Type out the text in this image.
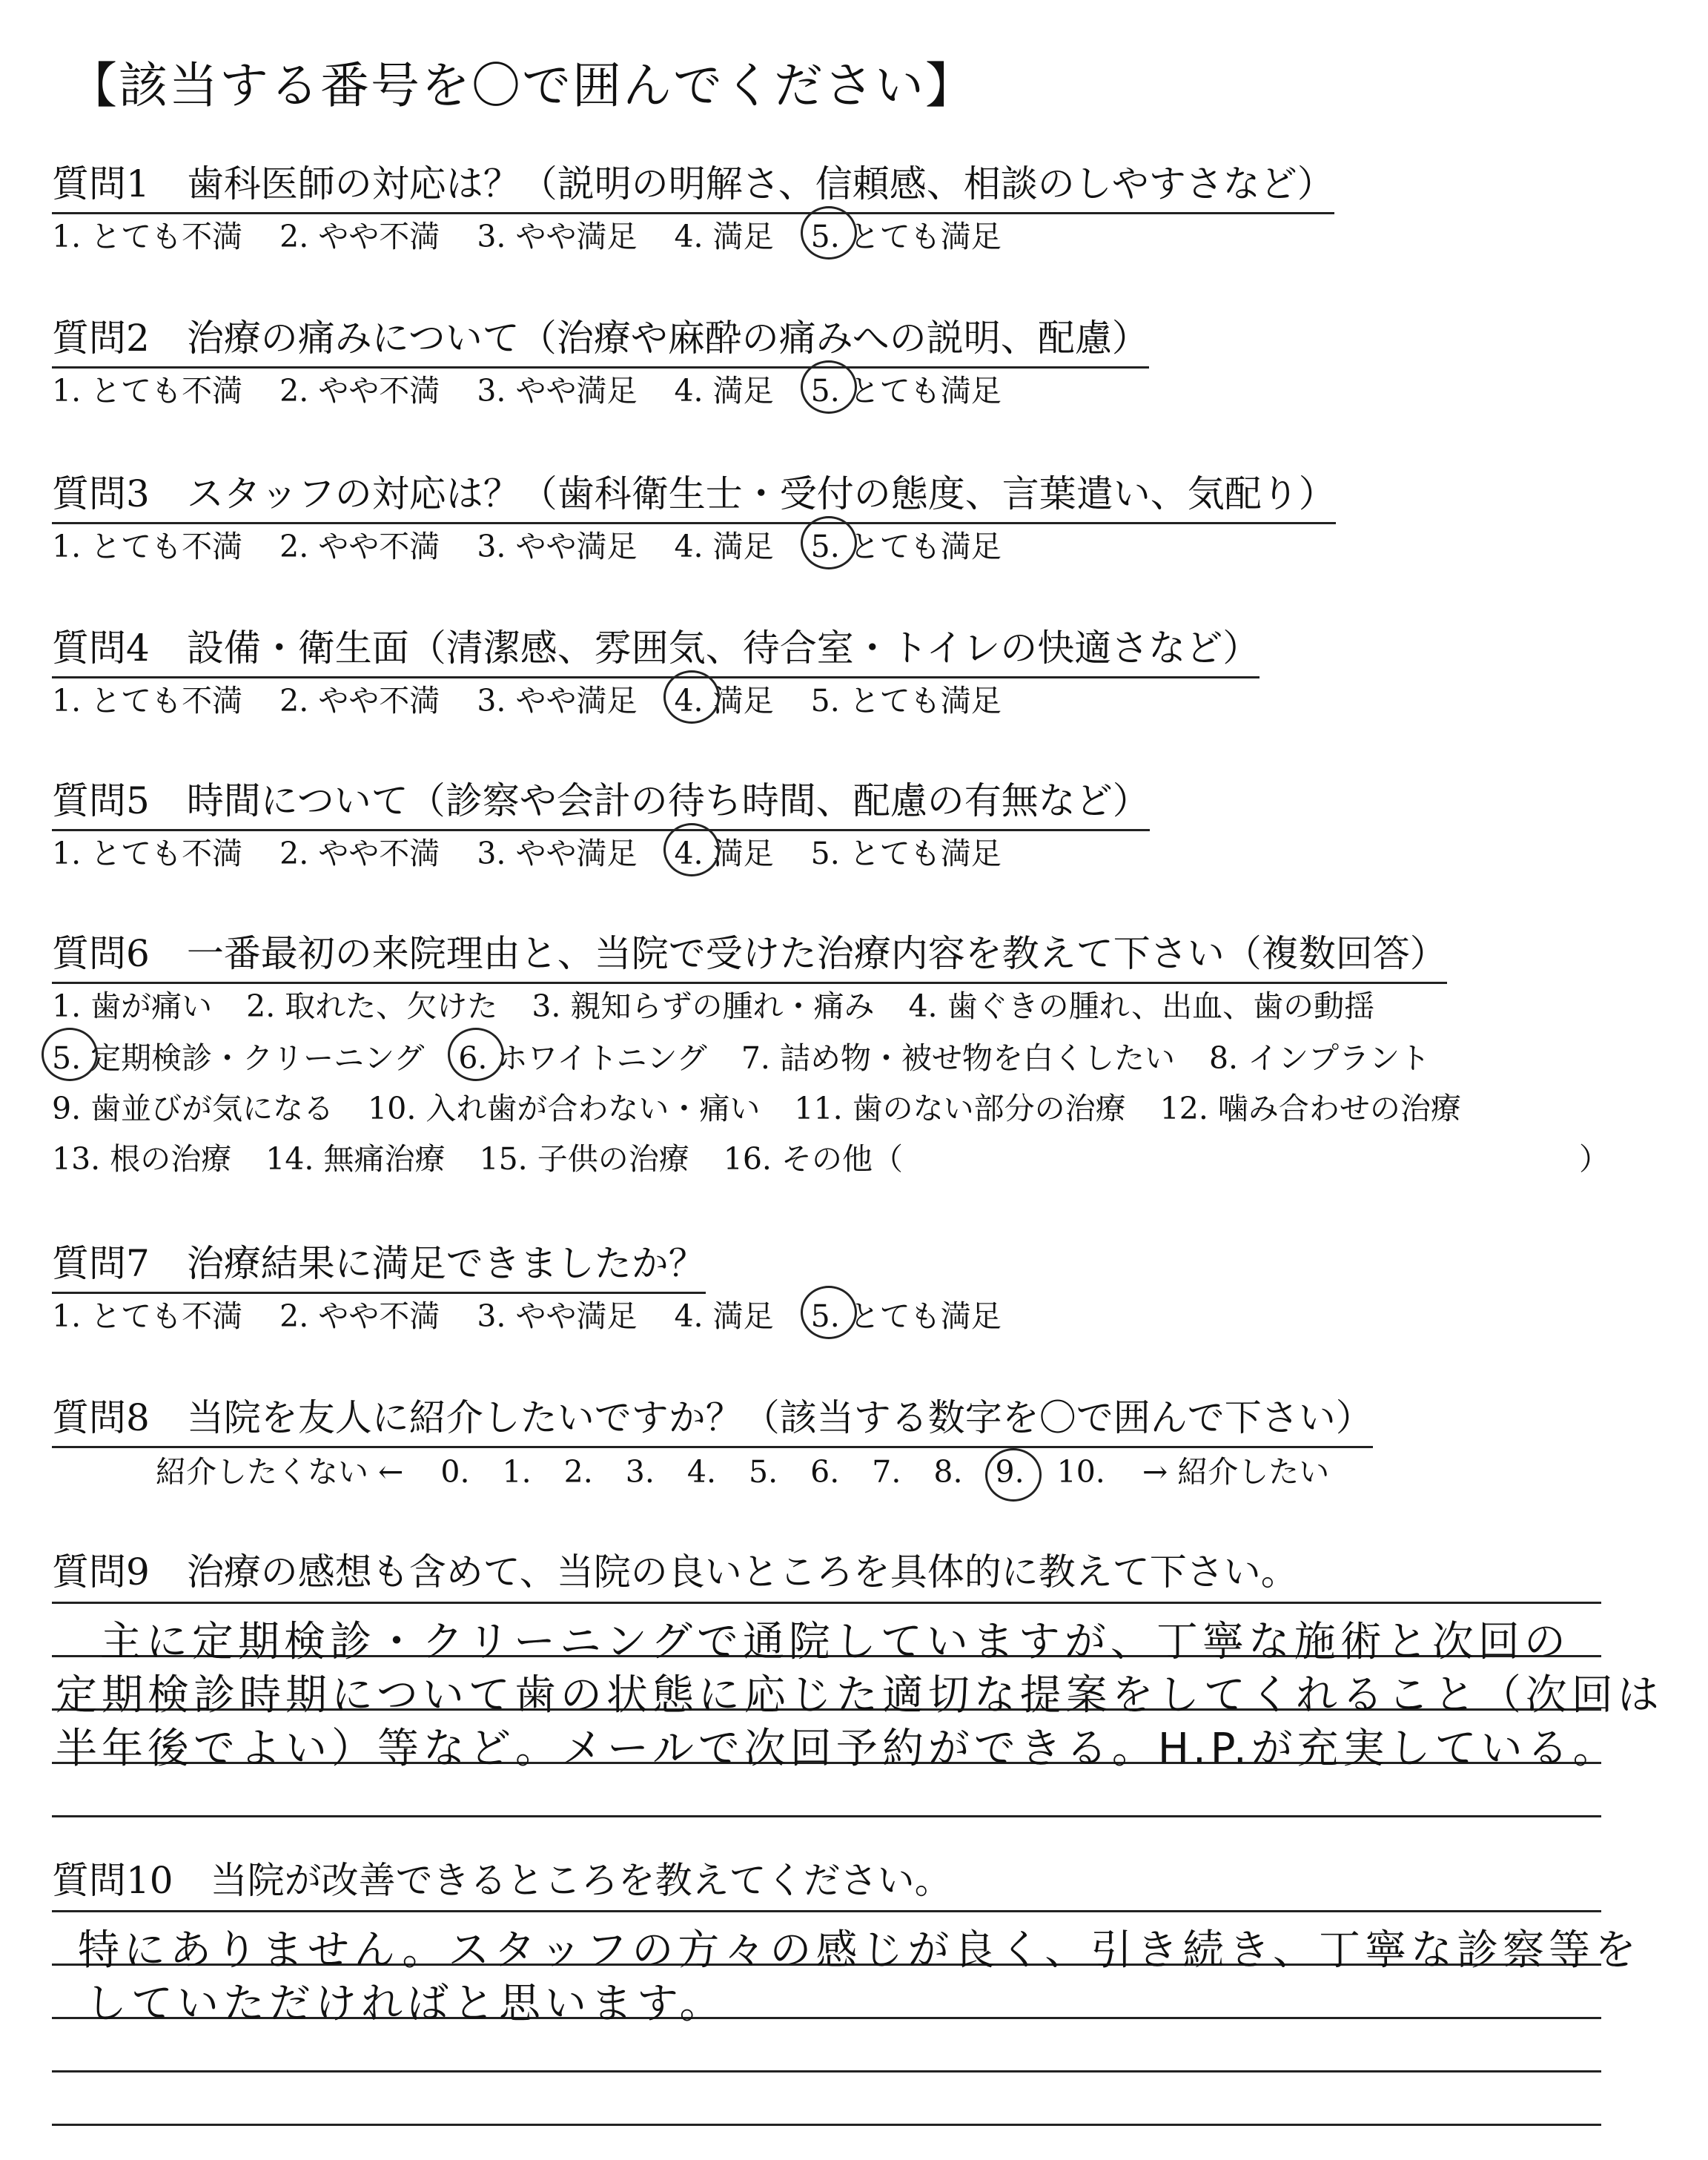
【該当する番号を〇で囲んでください】
質問1 歯科医師の対応は？（説明の明解さ、信頼感、相談のしやすさなど）
1. とても不満 2. やや不満 3. やや満足 4. 満足 5. とても満足
質問2 治療の痛みについて（治療や麻酔の痛みへの説明、配慮）
1. とても不満 2. やや不満 3. やや満足 4. 満足 5. とても満足
質問3 スタッフの対応は？（歯科衛生士・受付の態度、言葉遣い、気配り）
1. とても不満 2. やや不満 3. やや満足 4. 満足 5. とても満足
質問4 設備・衛生面（清潔感、雰囲気、待合室・トイレの快適さなど）
1. とても不満 2. やや不満 3. やや満足 4. 満足 5. とても満足
質問5 時間について（診察や会計の待ち時間、配慮の有無など）
1. とても不満 2. やや不満 3. やや満足 4. 満足 5. とても満足
質問6 一番最初の来院理由と、当院で受けた治療内容を教えて下さい（複数回答）
1. 歯が痛い 2. 取れた、欠けた 3. 親知らずの腫れ・痛み 4. 歯ぐきの腫れ、出血、歯の動揺
5. 定期検診・クリーニング 6. ホワイトニング 7. 詰め物・被せ物を白くしたい 8. インプラント
9. 歯並びが気になる 10. 入れ歯が合わない・痛い 11. 歯のない部分の治療 12. 噛み合わせの治療
13. 根の治療 14. 無痛治療 15. 子供の治療 16. その他（	）
質問7 治療結果に満足できましたか？
1. とても不満 2. やや不満 3. やや満足 4. 満足 5. とても満足
質問8 当院を友人に紹介したいですか？（該当する数字を〇で囲んで下さい）
紹介したくない ← 0. 1. 2. 3. 4. 5. 6. 7. 8. 9. 10. → 紹介したい
質問9 治療の感想も含めて、当院の良いところを具体的に教えて下さい。
主に定期検診・クリーニングで通院していますが、丁寧な施術と次回の
定期検診時期について歯の状態に応じた適切な提案をしてくれること（次回は
半年後でよい）等など。メールで次回予約ができる。H.P.が充実している。
質問10 当院が改善できるところを教えてください。
特にありません。スタッフの方々の感じが良く、引き続き、丁寧な診察等を
していただければと思います。
